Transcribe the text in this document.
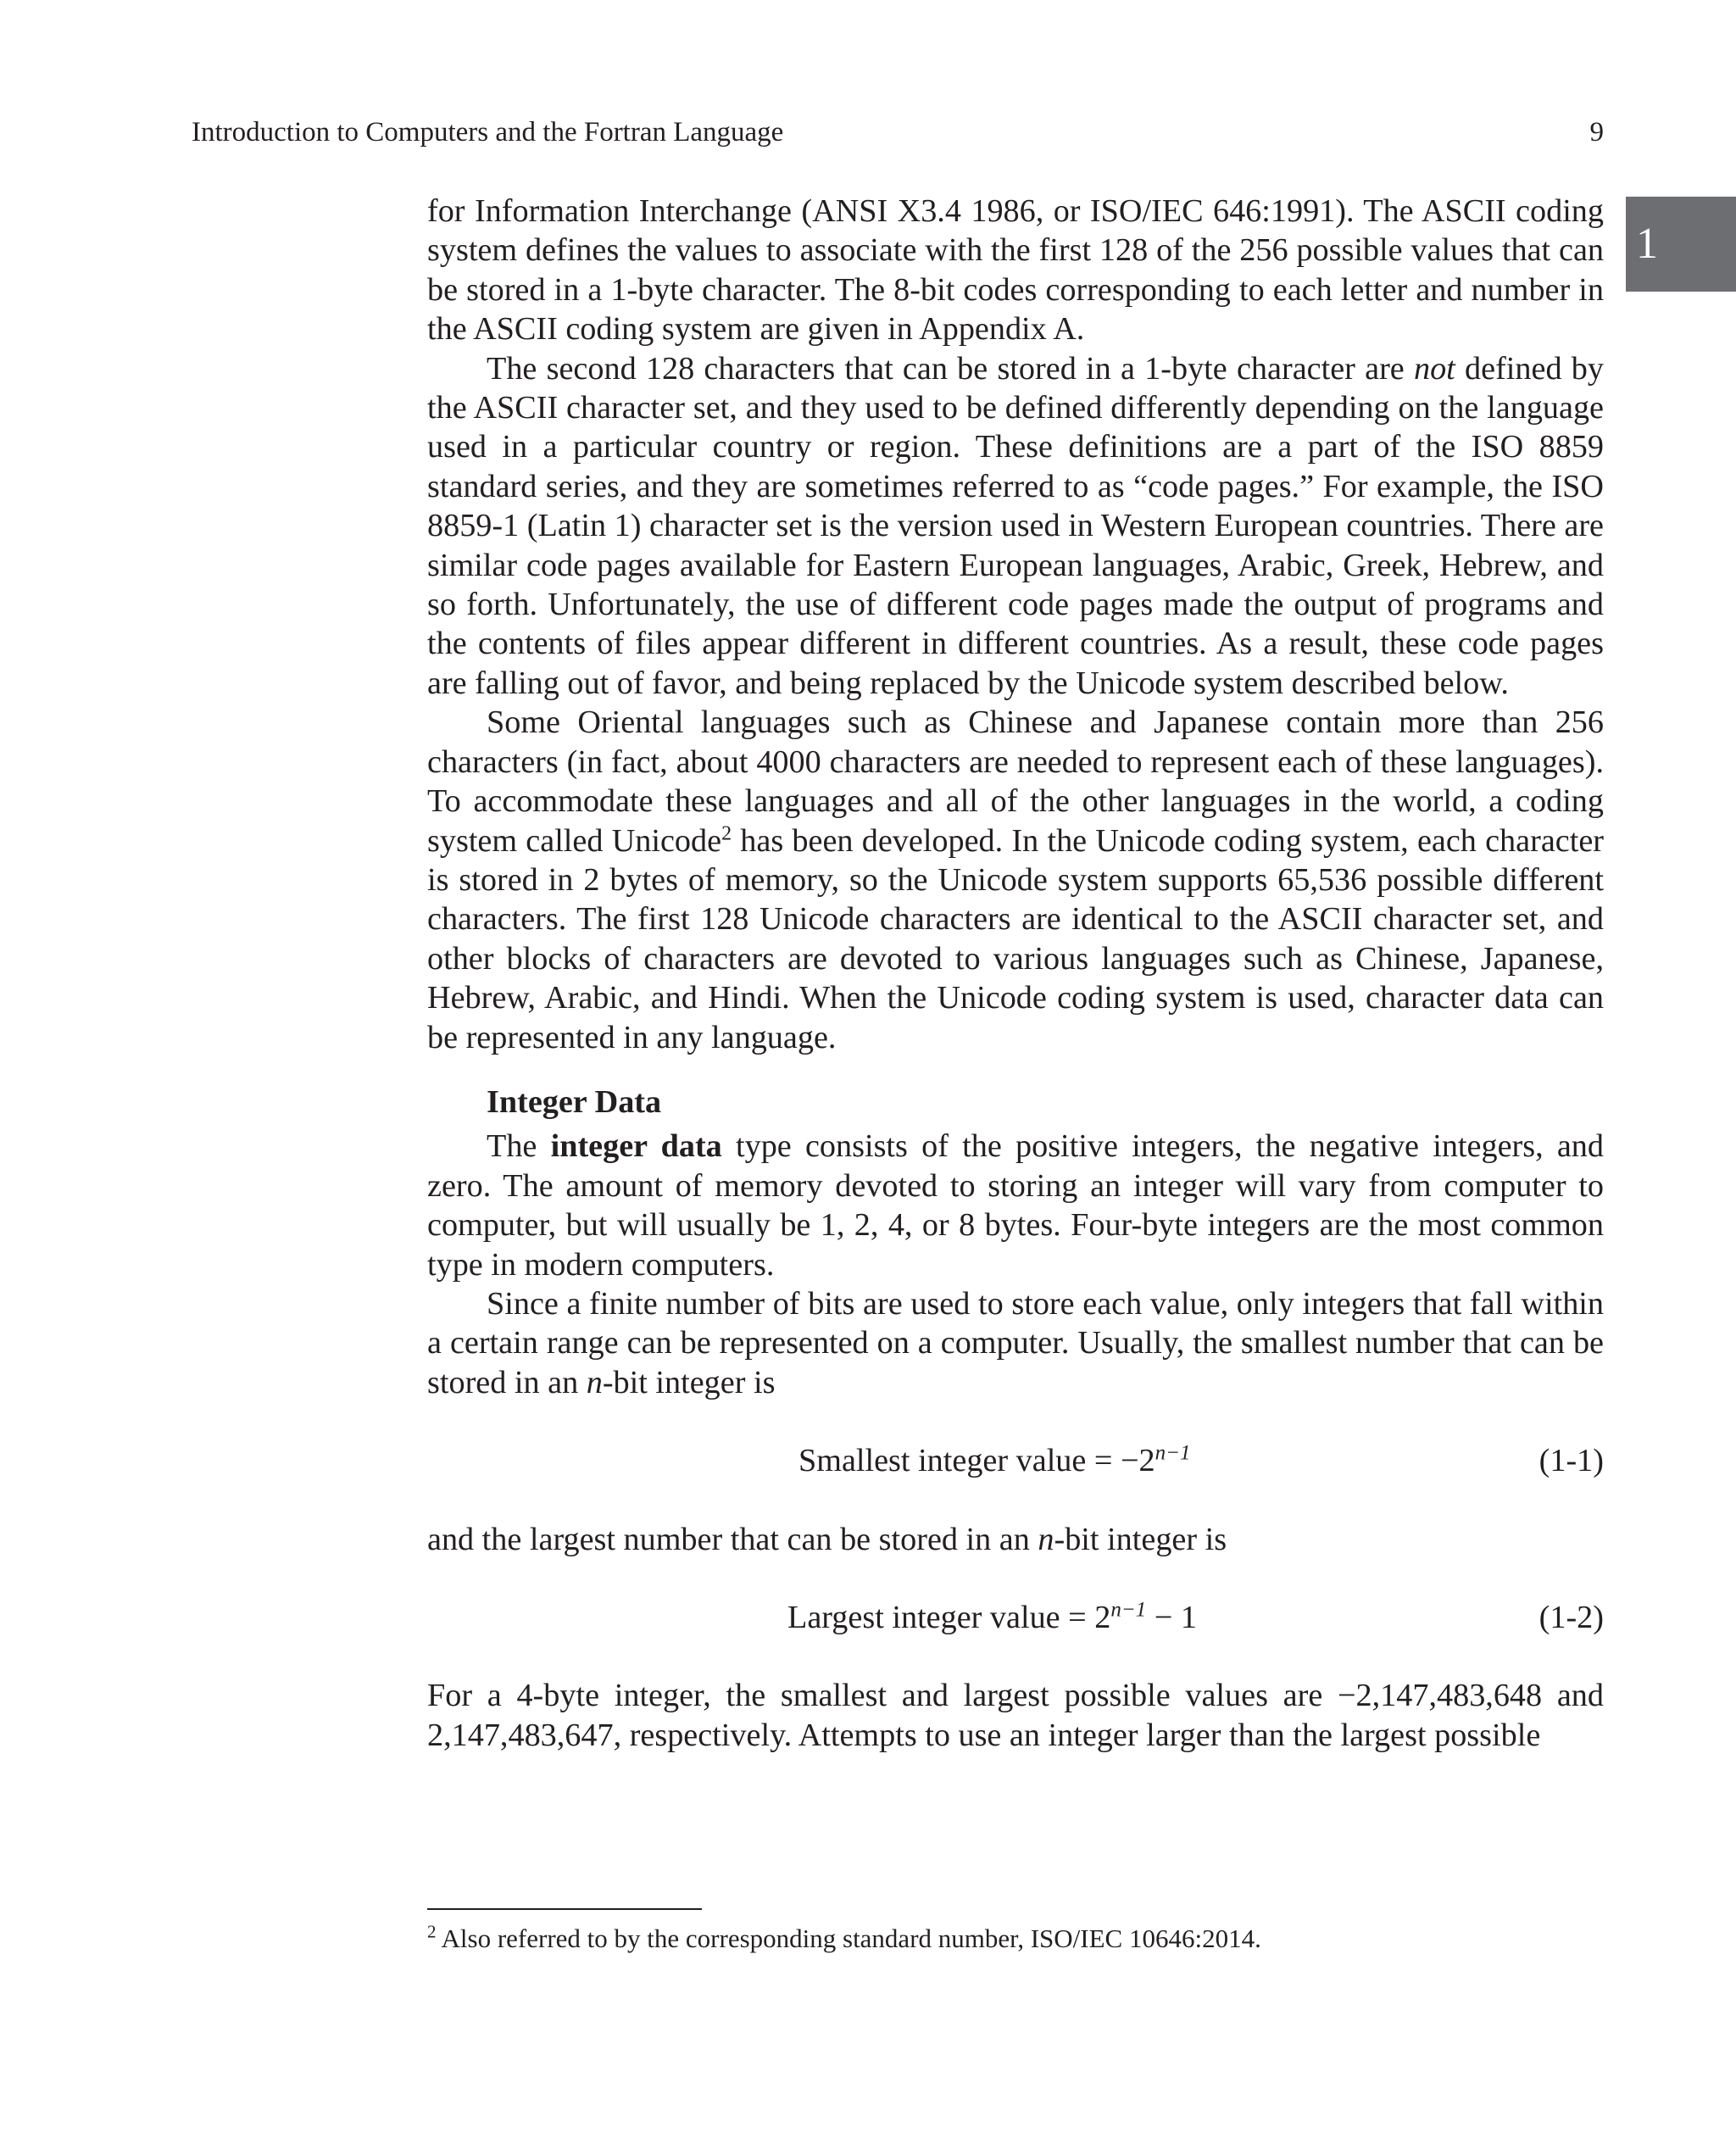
Introduction to Computers and the Fortran Language	9
1

for Information Interchange (ANSI X3.4 1986, or ISO/IEC 646:1991). The ASCII coding system defines the values to associate with the first 128 of the 256 possible values that can be stored in a 1-byte character. The 8-bit codes corresponding to each letter and number in the ASCII coding system are given in Appendix A.

The second 128 characters that can be stored in a 1-byte character are not defined by the ASCII character set, and they used to be defined differently depending on the language used in a particular country or region. These definitions are a part of the ISO 8859 standard series, and they are sometimes referred to as “code pages.” For example, the ISO 8859-1 (Latin 1) character set is the version used in Western European countries. There are similar code pages available for Eastern European languages, Arabic, Greek, Hebrew, and so forth. Unfortunately, the use of different code pages made the output of programs and the contents of files appear different in different countries. As a result, these code pages are falling out of favor, and being replaced by the Unicode system described below.

Some Oriental languages such as Chinese and Japanese contain more than 256 characters (in fact, about 4000 characters are needed to represent each of these languages). To accommodate these languages and all of the other languages in the world, a coding system called Unicode$^2$ has been developed. In the Unicode coding system, each character is stored in 2 bytes of memory, so the Unicode system supports 65,536 possible different characters. The first 128 Unicode characters are identical to the ASCII character set, and other blocks of characters are devoted to various languages such as Chinese, Japanese, Hebrew, Arabic, and Hindi. When the Unicode coding system is used, character data can be represented in any language.

Integer Data

The integer data type consists of the positive integers, the negative integers, and zero. The amount of memory devoted to storing an integer will vary from computer to computer, but will usually be 1, 2, 4, or 8 bytes. Four-byte integers are the most common type in modern computers.

Since a finite number of bits are used to store each value, only integers that fall within a certain range can be represented on a computer. Usually, the smallest number that can be stored in an n-bit integer is

Smallest integer value = $-2^{n-1}$	(1-1)

and the largest number that can be stored in an n-bit integer is

Largest integer value = $2^{n-1} - 1$	(1-2)

For a 4-byte integer, the smallest and largest possible values are −2,147,483,648 and 2,147,483,647, respectively. Attempts to use an integer larger than the largest possible

$^2$ Also referred to by the corresponding standard number, ISO/IEC 10646:2014.
